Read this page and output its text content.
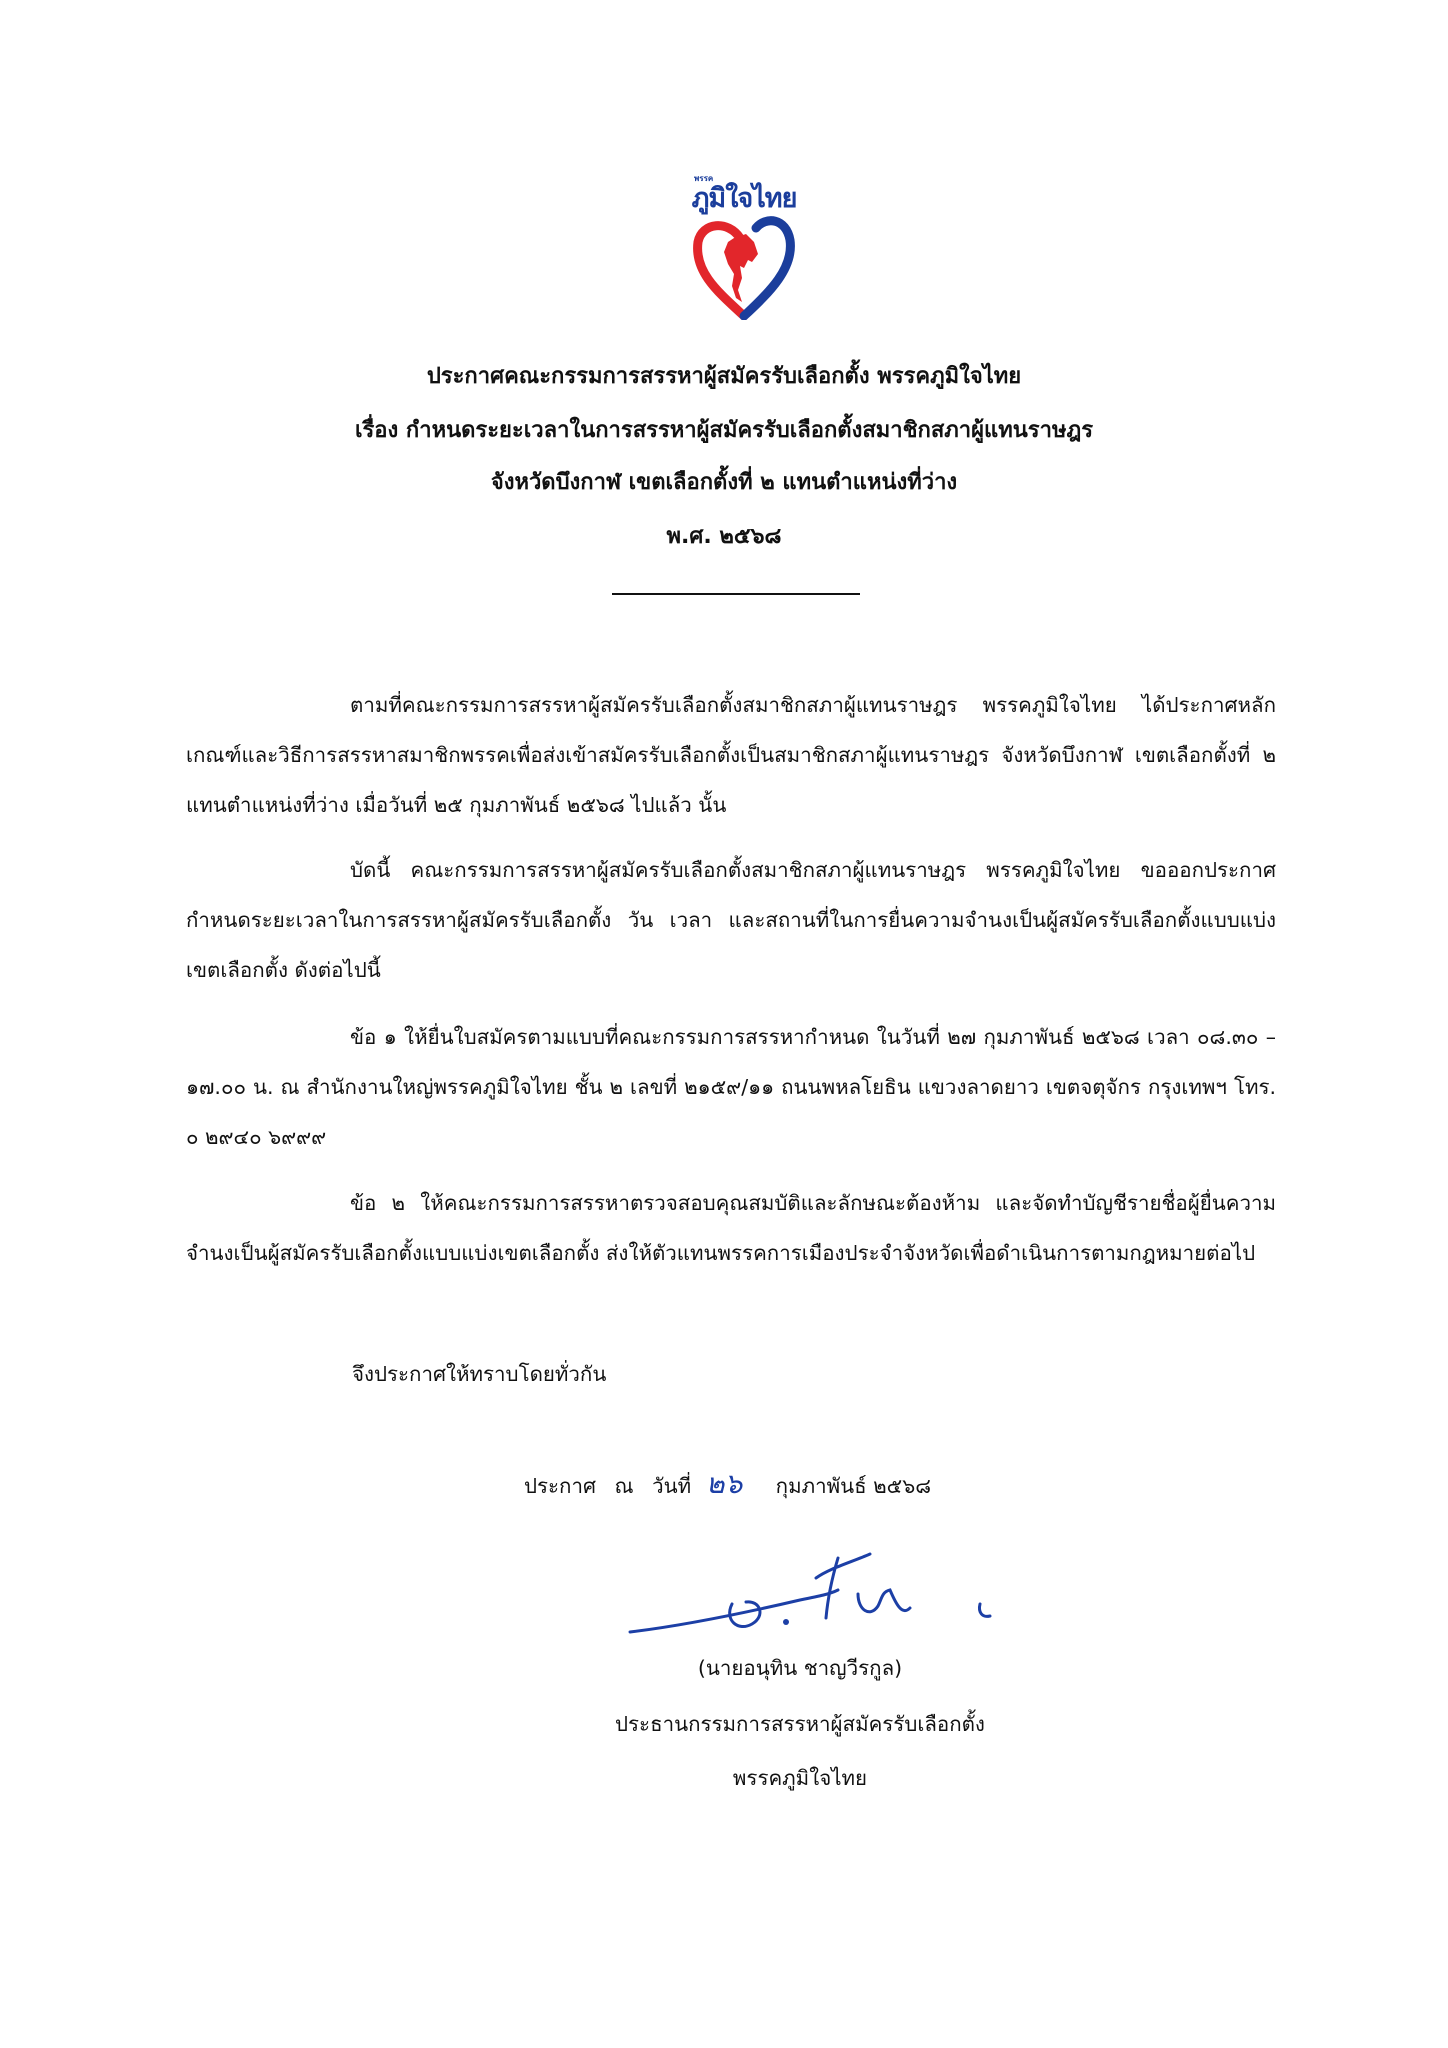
พรรค
ภูมิใจไทย
ประกาศคณะกรรมการสรรหาผู้สมัครรับเลือกตั้ง พรรคภูมิใจไทย
เรื่อง กำหนดระยะเวลาในการสรรหาผู้สมัครรับเลือกตั้งสมาชิกสภาผู้แทนราษฎร
จังหวัดบึงกาฬ เขตเลือกตั้งที่ ๒ แทนตำแหน่งที่ว่าง
พ.ศ. ๒๕๖๘
ตามที่คณะกรรมการสรรหาผู้สมัครรับเลือกตั้งสมาชิกสภาผู้แทนราษฎร พรรคภูมิใจไทย ได้ประกาศหลักเกณฑ์และวิธีการสรรหาสมาชิกพรรคเพื่อส่งเข้าสมัครรับเลือกตั้งเป็นสมาชิกสภาผู้แทนราษฎร จังหวัดบึงกาฬ เขตเลือกตั้งที่ ๒ แทนตำแหน่งที่ว่าง เมื่อวันที่ ๒๕ กุมภาพันธ์ ๒๕๖๘ ไปแล้ว นั้น
บัดนี้ คณะกรรมการสรรหาผู้สมัครรับเลือกตั้งสมาชิกสภาผู้แทนราษฎร พรรคภูมิใจไทย ขอออกประกาศกำหนดระยะเวลาในการสรรหาผู้สมัครรับเลือกตั้ง วัน เวลา และสถานที่ในการยื่นความจำนงเป็นผู้สมัครรับเลือกตั้งแบบแบ่งเขตเลือกตั้ง ดังต่อไปนี้
ข้อ ๑ ให้ยื่นใบสมัครตามแบบที่คณะกรรมการสรรหากำหนด ในวันที่ ๒๗ กุมภาพันธ์ ๒๕๖๘ เวลา ๐๘.๓๐ – ๑๗.๐๐ น. ณ สำนักงานใหญ่พรรคภูมิใจไทย ชั้น ๒ เลขที่ ๒๑๕๙/๑๑ ถนนพหลโยธิน แขวงลาดยาว เขตจตุจักร กรุงเทพฯ โทร. ๐ ๒๙๔๐ ๖๙๙๙
ข้อ ๒ ให้คณะกรรมการสรรหาตรวจสอบคุณสมบัติและลักษณะต้องห้าม และจัดทำบัญชีรายชื่อผู้ยื่นความจำนงเป็นผู้สมัครรับเลือกตั้งแบบแบ่งเขตเลือกตั้ง ส่งให้ตัวแทนพรรคการเมืองประจำจังหวัดเพื่อดำเนินการตามกฎหมายต่อไป
จึงประกาศให้ทราบโดยทั่วกัน
ประกาศ ณ วันที่ ๒๖ กุมภาพันธ์ ๒๕๖๘
(นายอนุทิน ชาญวีรกูล)
ประธานกรรมการสรรหาผู้สมัครรับเลือกตั้ง
พรรคภูมิใจไทย
